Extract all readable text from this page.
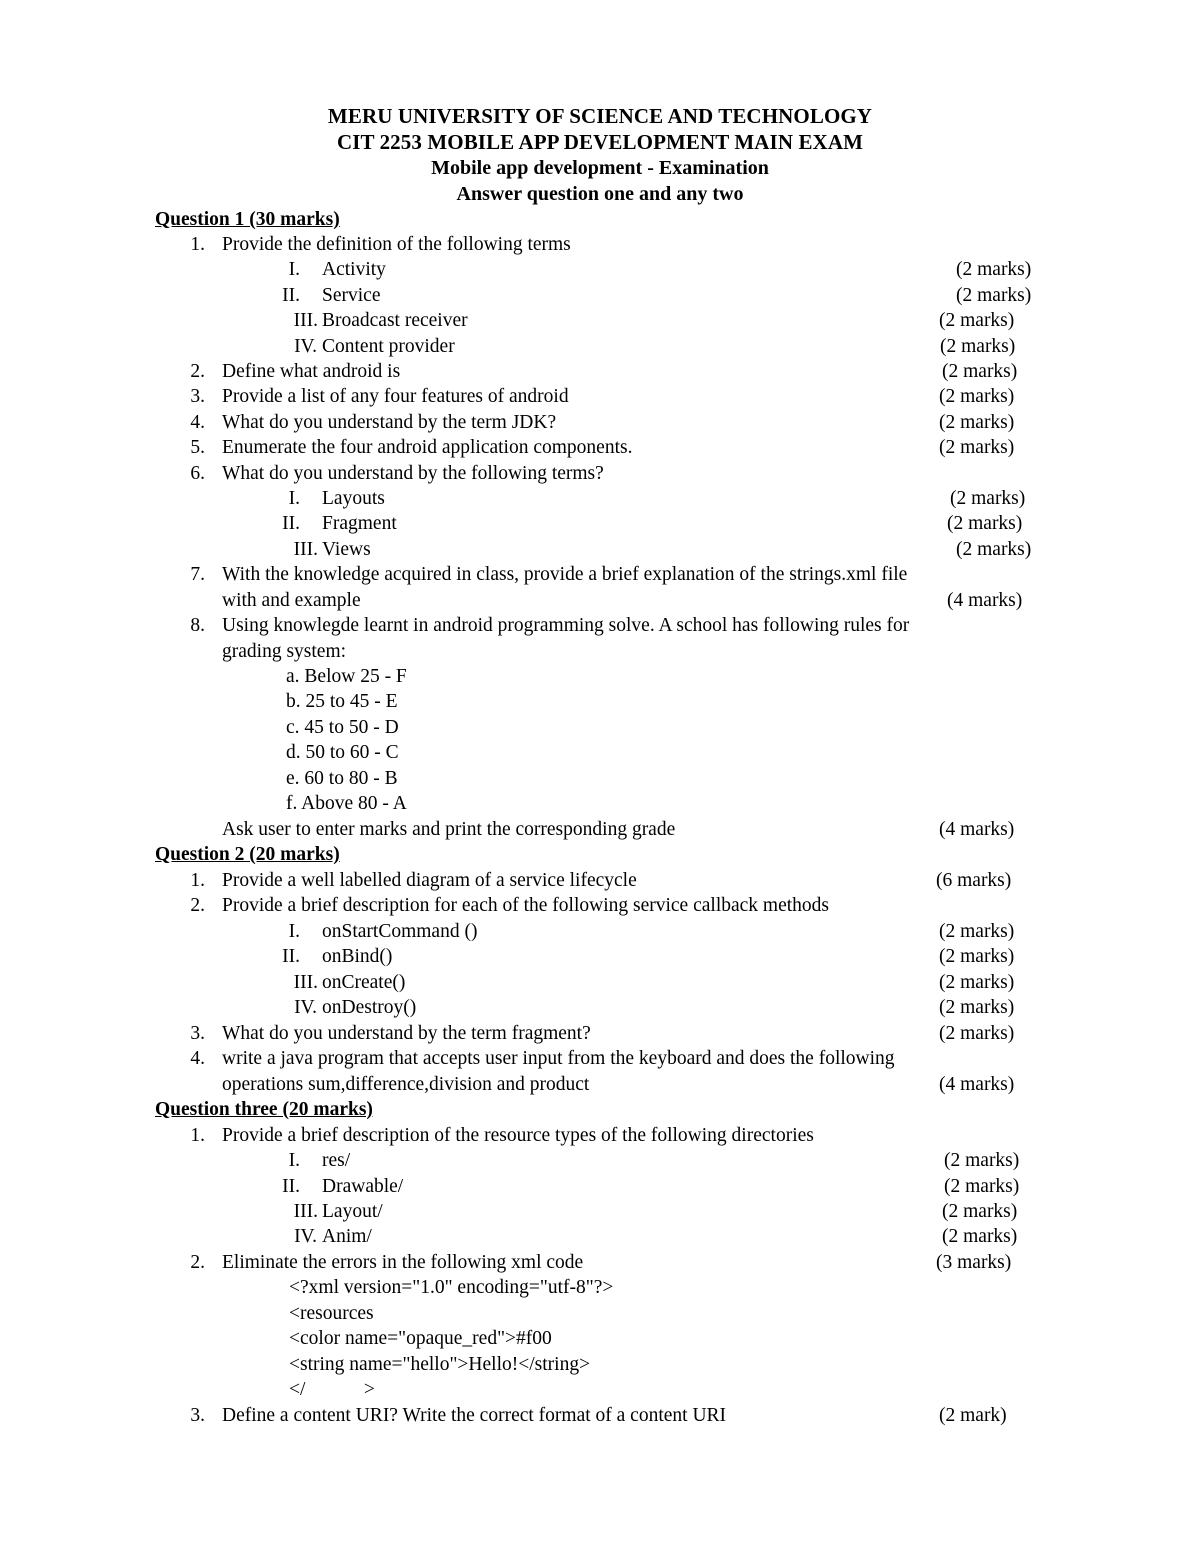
MERU UNIVERSITY OF SCIENCE AND TECHNOLOGY
CIT 2253 MOBILE APP DEVELOPMENT MAIN EXAM
Mobile app development - Examination
Answer question one and any two

Question 1 (30 marks)

1.

Provide the definition of the following terms

I.

Activity

	(2 marks)

II.

Service

	(2 marks)

III.

Broadcast receiver

	(2 marks)

IV.

Content provider

	(2 marks)

2.

Define what android is

	(2 marks)

3.

Provide a list of any four features of android

	(2 marks)

4.

What do you understand by the term JDK?

	(2 marks)

5.

Enumerate the four android application components.

	(2 marks)

6.

What do you understand by the following terms?

I.

Layouts

	(2 marks)

II.

Fragment

	(2 marks)

III.

Views

	(2 marks)

7.

With the knowledge acquired in class, provide a brief explanation of the strings.xml file

with and example

	(4 marks)

8.

Using knowlegde learnt in android programming solve. A school has following rules for

grading system:

a. Below 25 - F

b. 25 to 45 - E

c. 45 to 50 - D

d. 50 to 60 - C

e. 60 to 80 - B

f. Above 80 - A

Ask user to enter marks and print the corresponding grade

	(4 marks)

Question 2 (20 marks)

1.

Provide a well labelled diagram of a service lifecycle

	(6 marks)

2.

Provide a brief description for each of the following service callback methods

I.

onStartCommand ()

	(2 marks)

II.

onBind()

	(2 marks)

III.

onCreate()

	(2 marks)

IV.

onDestroy()

	(2 marks)

3.

What do you understand by the term fragment?

	(2 marks)

4.

write a java program that accepts user input from the keyboard and does the following

operations sum,difference,division and product

	(4 marks)

Question three (20 marks)

1.

Provide a brief description of the resource types of the following directories

I.

res/

	(2 marks)

II.

Drawable/

	(2 marks)

III.

Layout/

	(2 marks)

IV.

Anim/

	(2 marks)

2.

Eliminate the errors in the following xml code

	(3 marks)

<?xml version="1.0" encoding="utf-8"?>

<resources

<color name="opaque_red">#f00

<string name="hello">Hello!</string>

</            >

3.

Define a content URI? Write the correct format of a content URI

	(2 mark)
